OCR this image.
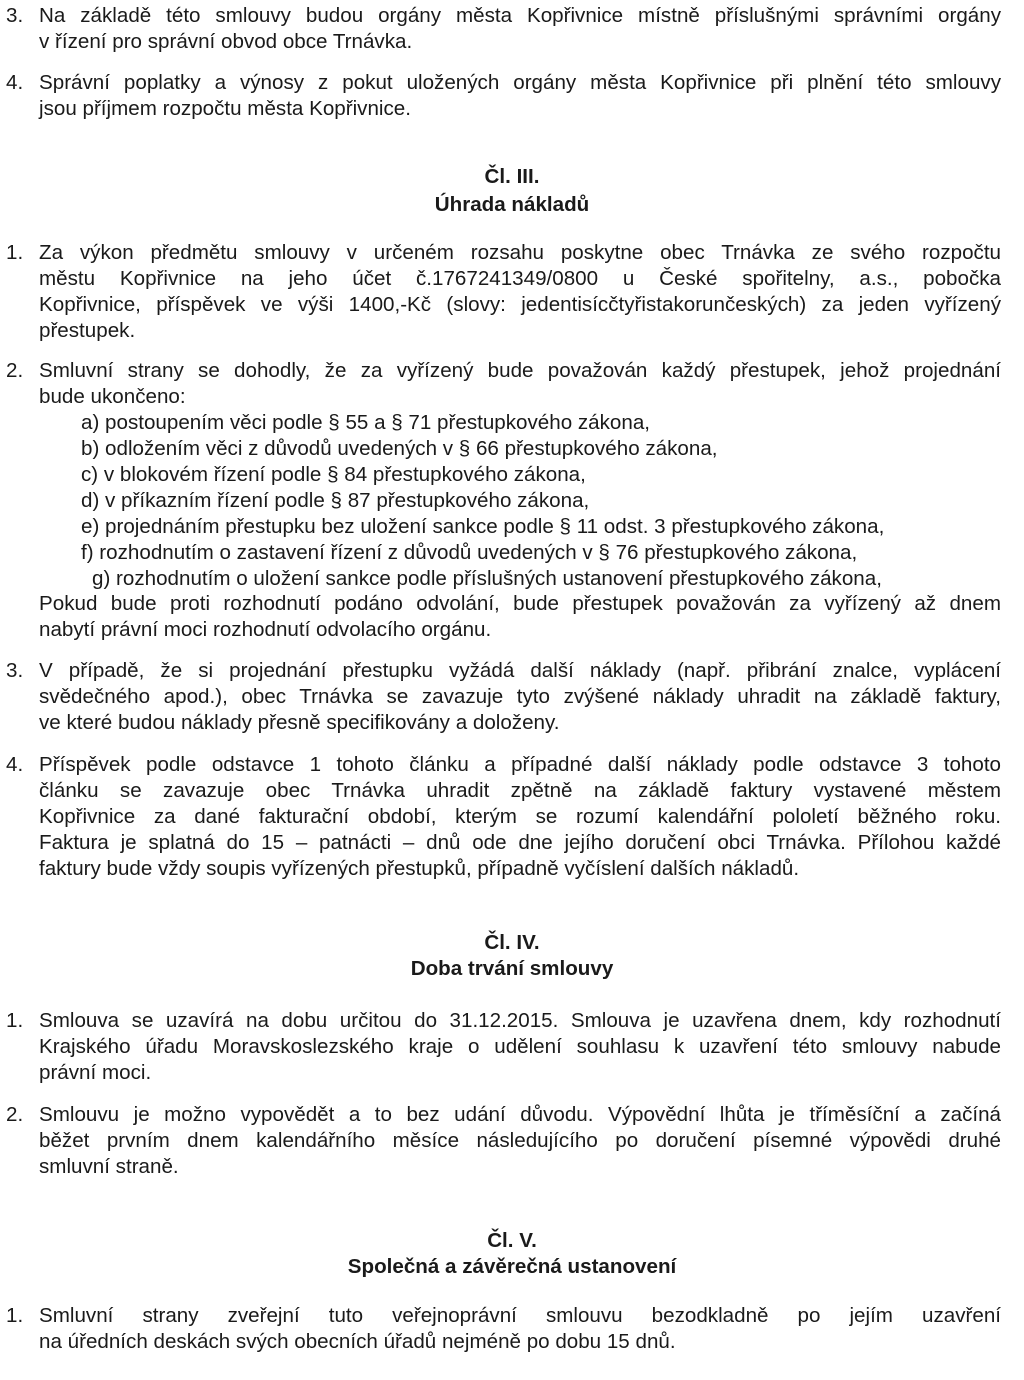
3. Na základě této smlouvy budou orgány města Kopřivnice místně příslušnými správními orgány
v řízení pro správní obvod obce Trnávka.
4. Správní poplatky a výnosy z pokut uložených orgány města Kopřivnice při plnění této smlouvy
jsou příjmem rozpočtu města Kopřivnice.
Čl. III.
Úhrada nákladů
1. Za výkon předmětu smlouvy v určeném rozsahu poskytne obec Trnávka ze svého rozpočtu
městu Kopřivnice na jeho účet č.1767241349/0800 u České spořitelny, a.s., pobočka
Kopřivnice, příspěvek ve výši 1400,-Kč (slovy: jedentisícčtyřistakorunčeských) za jeden vyřízený
přestupek.
2. Smluvní strany se dohodly, že za vyřízený bude považován každý přestupek, jehož projednání
bude ukončeno:
a) postoupením věci podle § 55 a § 71 přestupkového zákona,
b) odložením věci z důvodů uvedených v § 66 přestupkového zákona,
c) v blokovém řízení podle § 84 přestupkového zákona,
d) v příkazním řízení podle § 87 přestupkového zákona,
e) projednáním přestupku bez uložení sankce podle § 11 odst. 3 přestupkového zákona,
f) rozhodnutím o zastavení řízení z důvodů uvedených v § 76 přestupkového zákona,
g) rozhodnutím o uložení sankce podle příslušných ustanovení přestupkového zákona,
Pokud bude proti rozhodnutí podáno odvolání, bude přestupek považován za vyřízený až dnem
nabytí právní moci rozhodnutí odvolacího orgánu.
3. V případě, že si projednání přestupku vyžádá další náklady (např. přibrání znalce, vyplácení
svědečného apod.), obec Trnávka se zavazuje tyto zvýšené náklady uhradit na základě faktury,
ve které budou náklady přesně specifikovány a doloženy.
4. Příspěvek podle odstavce 1 tohoto článku a případné další náklady podle odstavce 3 tohoto
článku se zavazuje obec Trnávka uhradit zpětně na základě faktury vystavené městem
Kopřivnice za dané fakturační období, kterým se rozumí kalendářní pololetí běžného roku.
Faktura je splatná do 15 – patnácti – dnů ode dne jejího doručení obci Trnávka. Přílohou každé
faktury bude vždy soupis vyřízených přestupků, případně vyčíslení dalších nákladů.
Čl. IV.
Doba trvání smlouvy
1. Smlouva se uzavírá na dobu určitou do 31.12.2015. Smlouva je uzavřena dnem, kdy rozhodnutí
Krajského úřadu Moravskoslezského kraje o udělení souhlasu k uzavření této smlouvy nabude
právní moci.
2. Smlouvu je možno vypovědět a to bez udání důvodu. Výpovědní lhůta je tříměsíční a začíná
běžet prvním dnem kalendářního měsíce následujícího po doručení písemné výpovědi druhé
smluvní straně.
Čl. V.
Společná a závěrečná ustanovení
1. Smluvní strany zveřejní tuto veřejnoprávní smlouvu bezodkladně po jejím uzavření
na úředních deskách svých obecních úřadů nejméně po dobu 15 dnů.
